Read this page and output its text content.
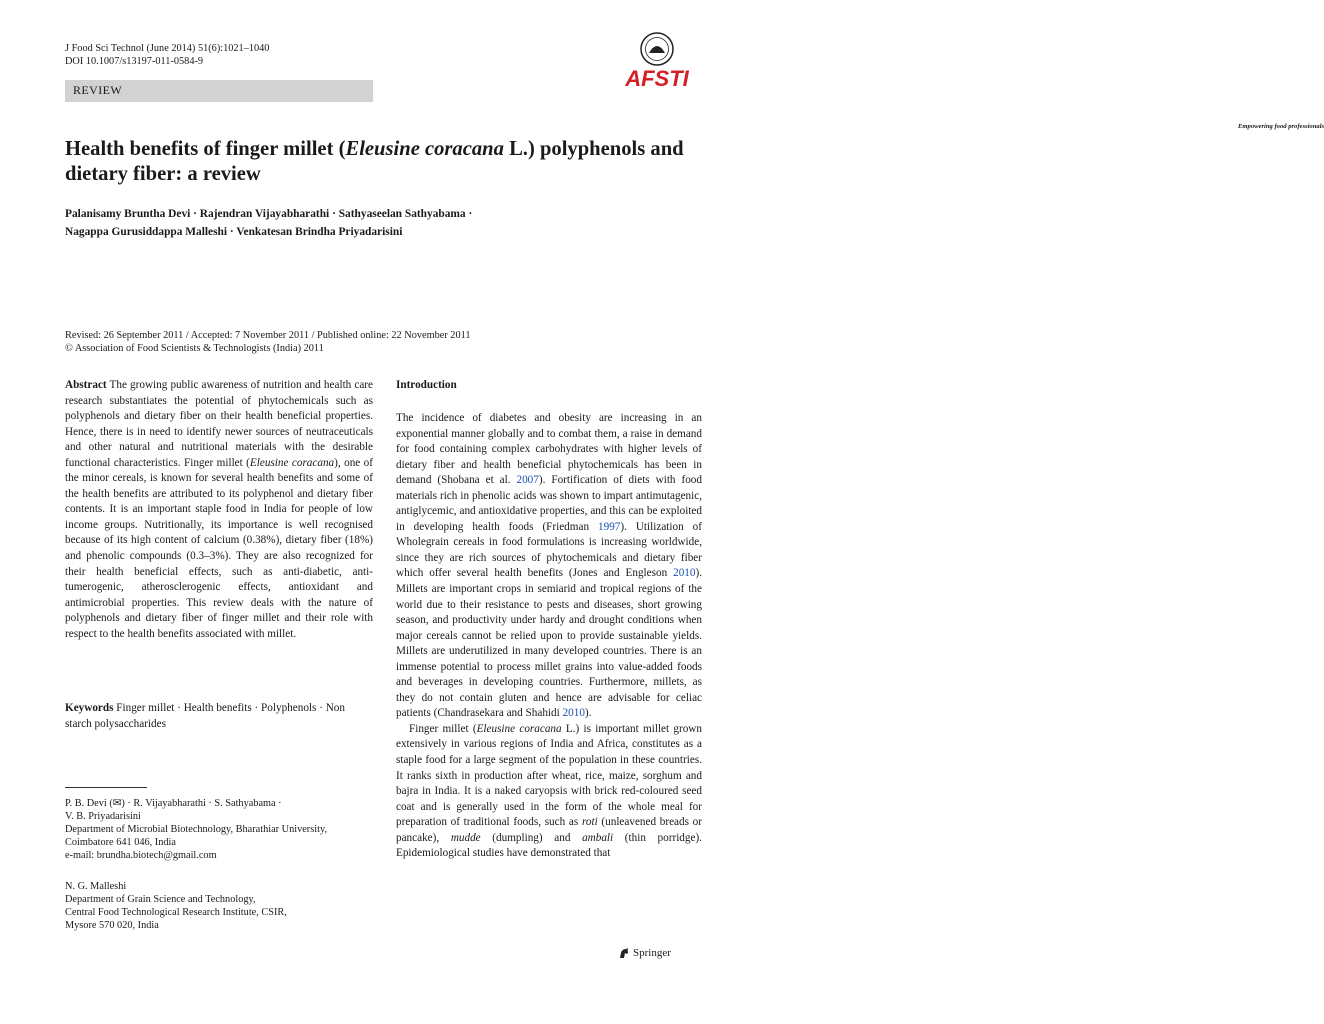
J Food Sci Technol (June 2014) 51(6):1021–1040
DOI 10.1007/s13197-011-0584-9
REVIEW	AFSTI
Empowering food professionals
Health benefits of finger millet (Eleusine coracana L.) polyphenols and dietary fiber: a review
Palanisamy Bruntha Devi · Rajendran Vijayabharathi · Sathyaseelan Sathyabama ·
Nagappa Gurusiddappa Malleshi · Venkatesan Brindha Priyadarisini
Revised: 26 September 2011 / Accepted: 7 November 2011 / Published online: 22 November 2011
© Association of Food Scientists & Technologists (India) 2011

Abstract The growing public awareness of nutrition and health care research substantiates the potential of phytochemicals such as polyphenols and dietary fiber on their health beneficial properties. Hence, there is in need to identify newer sources of neutraceuticals and other natural and nutritional materials with the desirable functional characteristics. Finger millet (Eleusine coracana), one of the minor cereals, is known for several health benefits and some of the health benefits are attributed to its polyphenol and dietary fiber contents. It is an important staple food in India for people of low income groups. Nutritionally, its importance is well recognised because of its high content of calcium (0.38%), dietary fiber (18%) and phenolic compounds (0.3–3%). They are also recognized for their health beneficial effects, such as anti-diabetic, anti-tumerogenic, atherosclerogenic effects, antioxidant and antimicrobial properties. This review deals with the nature of polyphenols and dietary fiber of finger millet and their role with respect to the health benefits associated with millet.

Keywords Finger millet · Health benefits · Polyphenols · Non starch polysaccharides
P. B. Devi (✉) · R. Vijayabharathi · S. Sathyabama ·
V. B. Priyadarisini
Department of Microbial Biotechnology, Bharathiar University,
Coimbatore 641 046, India
e-mail: brundha.biotech@gmail.com
N. G. Malleshi
Department of Grain Science and Technology,
Central Food Technological Research Institute, CSIR,
Mysore 570 020, India
Introduction

The incidence of diabetes and obesity are increasing in an exponential manner globally and to combat them, a raise in demand for food containing complex carbohydrates with higher levels of dietary fiber and health beneficial phytochemicals has been in demand (Shobana et al. 2007). Fortification of diets with food materials rich in phenolic acids was shown to impart antimutagenic, antiglycemic, and antioxidative properties, and this can be exploited in developing health foods (Friedman 1997). Utilization of Wholegrain cereals in food formulations is increasing worldwide, since they are rich sources of phytochemicals and dietary fiber which offer several health benefits (Jones and Engleson 2010). Millets are important crops in semiarid and tropical regions of the world due to their resistance to pests and diseases, short growing season, and productivity under hardy and drought conditions when major cereals cannot be relied upon to provide sustainable yields. Millets are underutilized in many developed countries. There is an immense potential to process millet grains into value-added foods and beverages in developing countries. Furthermore, millets, as they do not contain gluten and hence are advisable for celiac patients (Chandrasekara and Shahidi 2010).

Finger millet (Eleusine coracana L.) is important millet grown extensively in various regions of India and Africa, constitutes as a staple food for a large segment of the population in these countries. It ranks sixth in production after wheat, rice, maize, sorghum and bajra in India. It is a naked caryopsis with brick red-coloured seed coat and is generally used in the form of the whole meal for preparation of traditional foods, such as roti (unleavened breads or pancake), mudde (dumpling) and ambali (thin porridge). Epidemiological studies have demonstrated that

Springer
